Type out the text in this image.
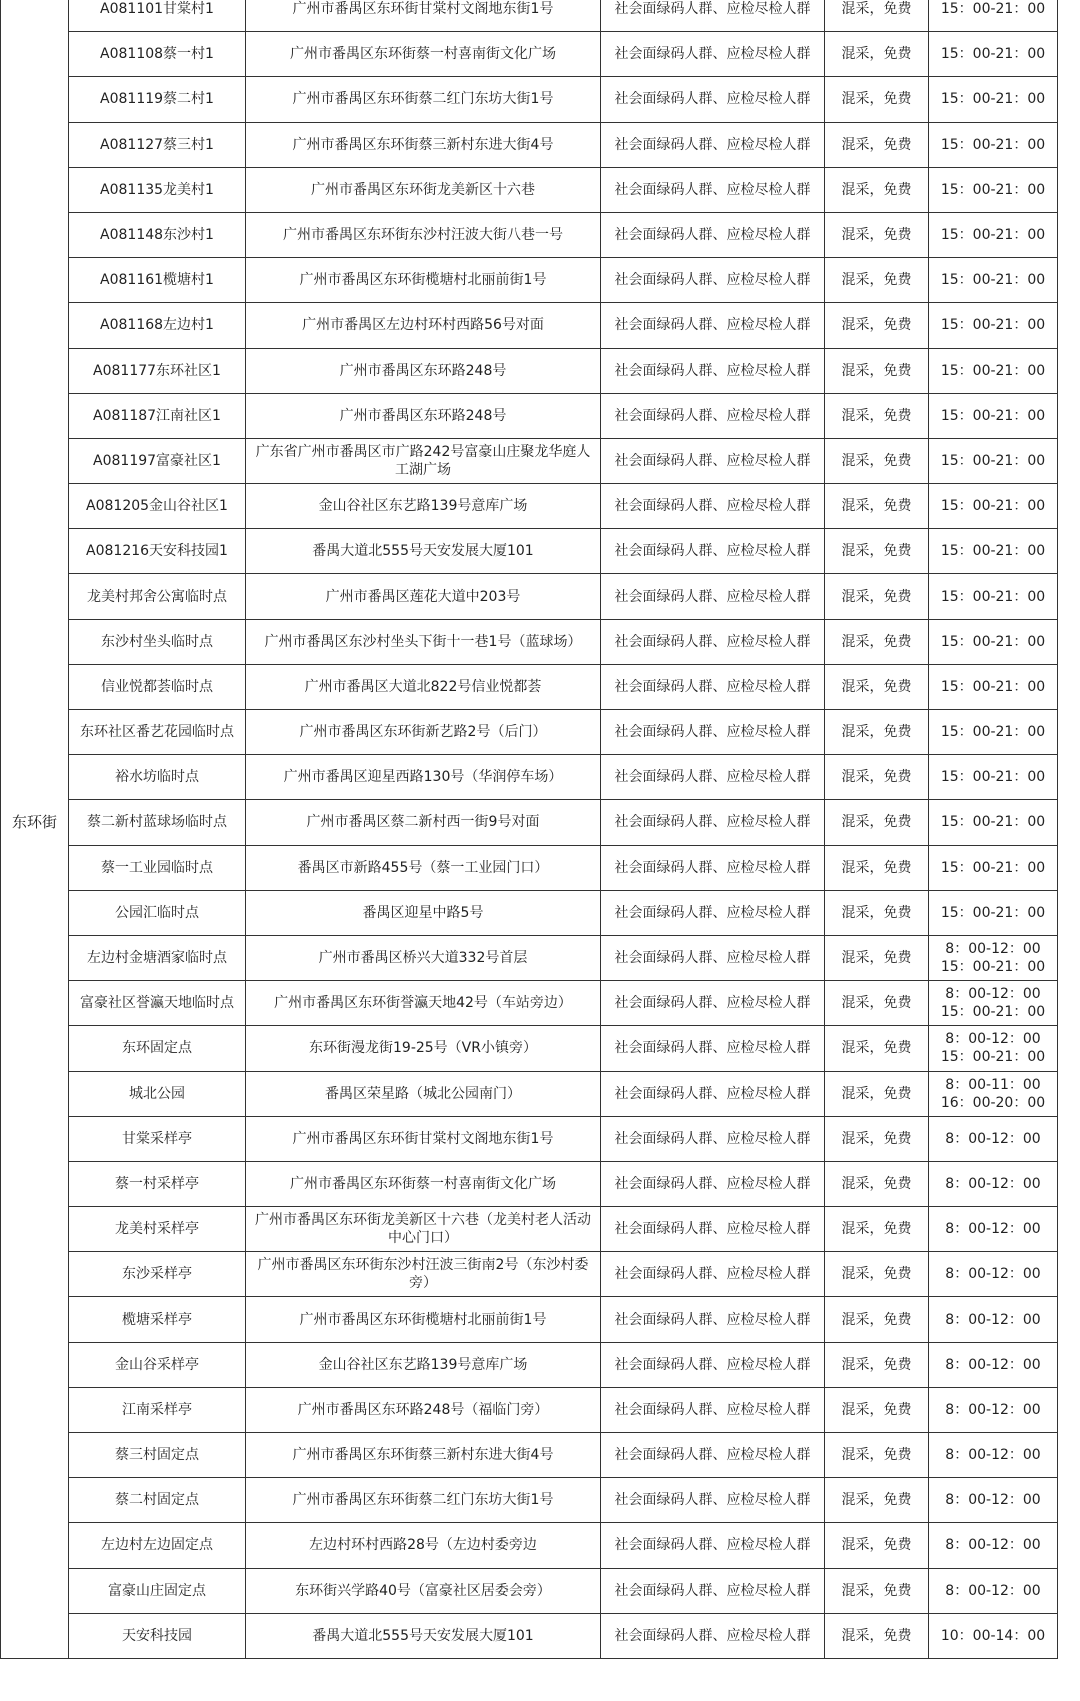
东环街	A081101甘棠村1	广州市番禺区东环街甘棠村文阁地东街1号	社会面绿码人群、应检尽检人群	混采，免费	15：00-21：00
	A081108蔡一村1	广州市番禺区东环街蔡一村喜南街文化广场	社会面绿码人群、应检尽检人群	混采，免费	15：00-21：00
	A081119蔡二村1	广州市番禺区东环街蔡二红门东坊大街1号	社会面绿码人群、应检尽检人群	混采，免费	15：00-21：00
	A081127蔡三村1	广州市番禺区东环街蔡三新村东进大街4号	社会面绿码人群、应检尽检人群	混采，免费	15：00-21：00
	A081135龙美村1	广州市番禺区东环街龙美新区十六巷	社会面绿码人群、应检尽检人群	混采，免费	15：00-21：00
	A081148东沙村1	广州市番禺区东环街东沙村汪波大街八巷一号	社会面绿码人群、应检尽检人群	混采，免费	15：00-21：00
	A081161榄塘村1	广州市番禺区东环街榄塘村北丽前街1号	社会面绿码人群、应检尽检人群	混采，免费	15：00-21：00
	A081168左边村1	广州市番禺区左边村环村西路56号对面	社会面绿码人群、应检尽检人群	混采，免费	15：00-21：00
	A081177东环社区1	广州市番禺区东环路248号	社会面绿码人群、应检尽检人群	混采，免费	15：00-21：00
	A081187江南社区1	广州市番禺区东环路248号	社会面绿码人群、应检尽检人群	混采，免费	15：00-21：00
	A081197富豪社区1	广东省广州市番禺区市广路242号富豪山庄聚龙华庭人工湖广场	社会面绿码人群、应检尽检人群	混采，免费	15：00-21：00
	A081205金山谷社区1	金山谷社区东艺路139号意库广场	社会面绿码人群、应检尽检人群	混采，免费	15：00-21：00
	A081216天安科技园1	番禺大道北555号天安发展大厦101	社会面绿码人群、应检尽检人群	混采，免费	15：00-21：00
	龙美村邦舍公寓临时点	广州市番禺区莲花大道中203号	社会面绿码人群、应检尽检人群	混采，免费	15：00-21：00
	东沙村坐头临时点	广州市番禺区东沙村坐头下街十一巷1号（蓝球场）	社会面绿码人群、应检尽检人群	混采，免费	15：00-21：00
	信业悦都荟临时点	广州市番禺区大道北822号信业悦都荟	社会面绿码人群、应检尽检人群	混采，免费	15：00-21：00
	东环社区番艺花园临时点	广州市番禺区东环街新艺路2号（后门）	社会面绿码人群、应检尽检人群	混采，免费	15：00-21：00
	裕水坊临时点	广州市番禺区迎星西路130号（华润停车场）	社会面绿码人群、应检尽检人群	混采，免费	15：00-21：00
	蔡二新村蓝球场临时点	广州市番禺区蔡二新村西一街9号对面	社会面绿码人群、应检尽检人群	混采，免费	15：00-21：00
	蔡一工业园临时点	番禺区市新路455号（蔡一工业园门口）	社会面绿码人群、应检尽检人群	混采，免费	15：00-21：00
	公园汇临时点	番禺区迎星中路5号	社会面绿码人群、应检尽检人群	混采，免费	15：00-21：00
	左边村金塘酒家临时点	广州市番禺区桥兴大道332号首层	社会面绿码人群、应检尽检人群	混采，免费	8：00-12：00
15：00-21：00
	富豪社区誉瀛天地临时点	广州市番禺区东环街誉瀛天地42号（车站旁边）	社会面绿码人群、应检尽检人群	混采，免费	8：00-12：00
15：00-21：00
	东环固定点	东环街漫龙街19-25号（VR小镇旁）	社会面绿码人群、应检尽检人群	混采，免费	8：00-12：00
15：00-21：00
	城北公园	番禺区荣星路（城北公园南门）	社会面绿码人群、应检尽检人群	混采，免费	8：00-11：00
16：00-20：00
	甘棠采样亭	广州市番禺区东环街甘棠村文阁地东街1号	社会面绿码人群、应检尽检人群	混采，免费	8：00-12：00
	蔡一村采样亭	广州市番禺区东环街蔡一村喜南街文化广场	社会面绿码人群、应检尽检人群	混采，免费	8：00-12：00
	龙美村采样亭	广州市番禺区东环街龙美新区十六巷（龙美村老人活动中心门口）	社会面绿码人群、应检尽检人群	混采，免费	8：00-12：00
	东沙采样亭	广州市番禺区东环街东沙村汪波三街南2号（东沙村委旁）	社会面绿码人群、应检尽检人群	混采，免费	8：00-12：00
	榄塘采样亭	广州市番禺区东环街榄塘村北丽前街1号	社会面绿码人群、应检尽检人群	混采，免费	8：00-12：00
	金山谷采样亭	金山谷社区东艺路139号意库广场	社会面绿码人群、应检尽检人群	混采，免费	8：00-12：00
	江南采样亭	广州市番禺区东环路248号（福临门旁）	社会面绿码人群、应检尽检人群	混采，免费	8：00-12：00
	蔡三村固定点	广州市番禺区东环街蔡三新村东进大街4号	社会面绿码人群、应检尽检人群	混采，免费	8：00-12：00
	蔡二村固定点	广州市番禺区东环街蔡二红门东坊大街1号	社会面绿码人群、应检尽检人群	混采，免费	8：00-12：00
	左边村左边固定点	左边村环村西路28号（左边村委旁边	社会面绿码人群、应检尽检人群	混采，免费	8：00-12：00
	富豪山庄固定点	东环街兴学路40号（富豪社区居委会旁）	社会面绿码人群、应检尽检人群	混采，免费	8：00-12：00
	天安科技园	番禺大道北555号天安发展大厦101	社会面绿码人群、应检尽检人群	混采，免费	10：00-14：00
